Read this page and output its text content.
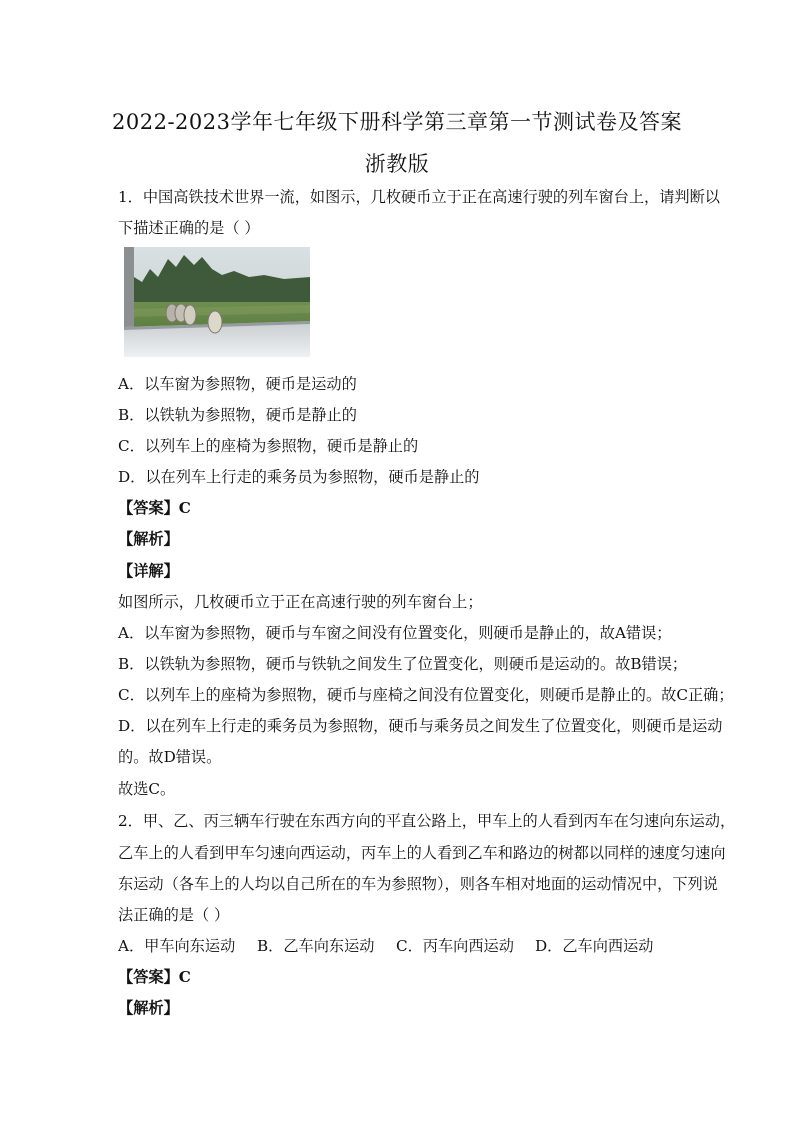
2022-2023学年七年级下册科学第三章第一节测试卷及答案
浙教版
1．中国高铁技术世界一流，如图示，几枚硬币立于正在高速行驶的列车窗台上，请判断以
下描述正确的是（ ）
A．以车窗为参照物，硬币是运动的
B．以铁轨为参照物，硬币是静止的
C．以列车上的座椅为参照物，硬币是静止的
D．以在列车上行走的乘务员为参照物，硬币是静止的
【答案】C
【解析】
【详解】
如图所示，几枚硬币立于正在高速行驶的列车窗台上；
A．以车窗为参照物，硬币与车窗之间没有位置变化，则硬币是静止的，故A错误；
B．以铁轨为参照物，硬币与铁轨之间发生了位置变化，则硬币是运动的。故B错误；
C．以列车上的座椅为参照物，硬币与座椅之间没有位置变化，则硬币是静止的。故C正确；
D．以在列车上行走的乘务员为参照物，硬币与乘务员之间发生了位置变化，则硬币是运动
的。故D错误。
故选C。
2．甲、乙、丙三辆车行驶在东西方向的平直公路上，甲车上的人看到丙车在匀速向东运动，
乙车上的人看到甲车匀速向西运动，丙车上的人看到乙车和路边的树都以同样的速度匀速向
东运动（各车上的人均以自己所在的车为参照物），则各车相对地面的运动情况中，下列说
法正确的是（ ）
A．甲车向东运动 B．乙车向东运动 C．丙车向西运动 D．乙车向西运动
【答案】C
【解析】
